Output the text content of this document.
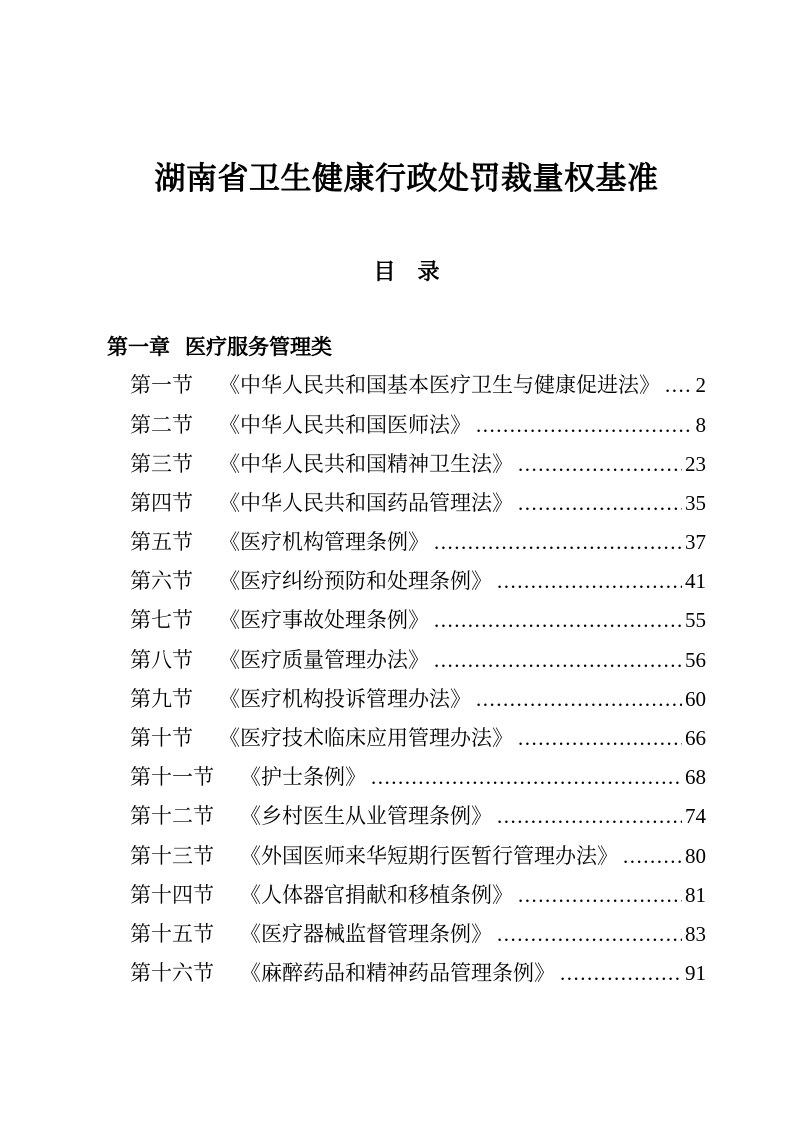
湖南省卫生健康行政处罚裁量权基准
目　录
第一章 医疗服务管理类
第一节 《中华人民共和国基本医疗卫生与健康促进法》 ..... 2
第二节 《中华人民共和国医师法》 .....	8
第三节 《中华人民共和国精神卫生法》 .....	23
第四节 《中华人民共和国药品管理法》 .....	35
第五节 《医疗机构管理条例》 .....	37
第六节 《医疗纠纷预防和处理条例》 .....	41
第七节 《医疗事故处理条例》 .....	55
第八节 《医疗质量管理办法》 .....	56
第九节 《医疗机构投诉管理办法》 .....	60
第十节 《医疗技术临床应用管理办法》 .....	66
第十一节 《护士条例》 .....	68
第十二节 《乡村医生从业管理条例》 .....	74
第十三节 《外国医师来华短期行医暂行管理办法》 .....	80
第十四节 《人体器官捐献和移植条例》 .....	81
第十五节 《医疗器械监督管理条例》 .....	83
第十六节 《麻醉药品和精神药品管理条例》 .....	91
